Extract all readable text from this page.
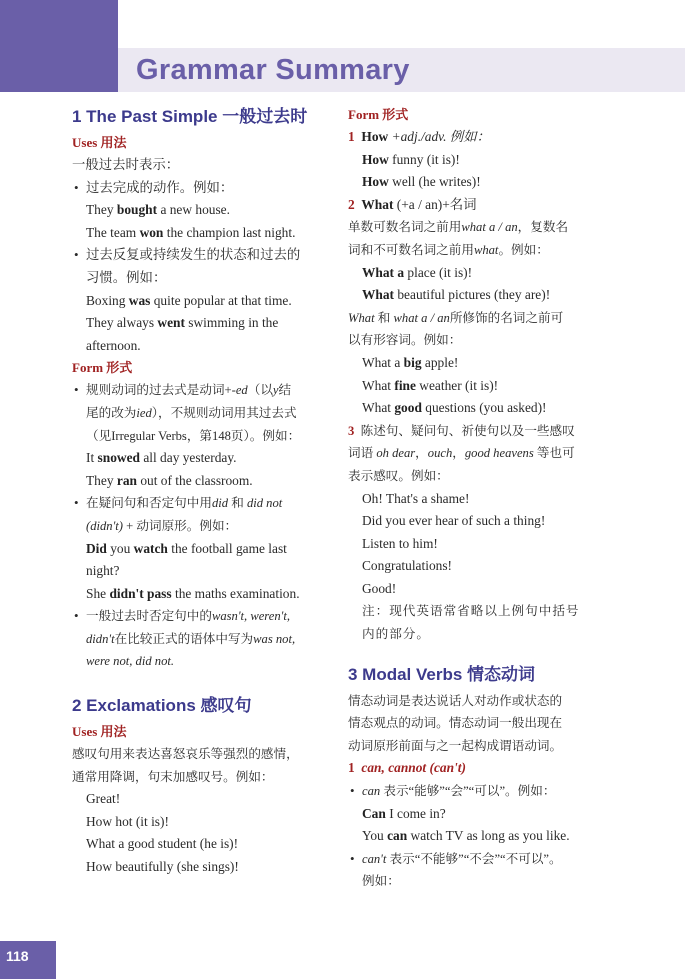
Grammar Summary
1 The Past Simple 一般过去时
Uses 用法
一般过去时表示：
• 过去完成的动作。例如：
They bought a new house.
The team won the champion last night.
• 过去反复或持续发生的状态和过去的
习惯。例如：
Boxing was quite popular at that time.
They always went swimming in the
afternoon.
Form 形式
• 规则动词的过去式是动词+-ed（以y结
尾的改为ied），不规则动词用其过去式
（见Irregular Verbs，第148页）。例如：
It snowed all day yesterday.
They ran out of the classroom.
• 在疑问句和否定句中用did 和 did not
(didn't) + 动词原形。例如：
Did you watch the football game last
night?
She didn't pass the maths examination.
• 一般过去时否定句中的wasn't, weren't,
didn't在比较正式的语体中写为was not,
were not, did not.
2 Exclamations 感叹句
Uses 用法
感叹句用来表达喜怒哀乐等强烈的感情，
通常用降调，句末加感叹号。例如：
Great!
How hot (it is)!
What a good student (he is)!
How beautifully (she sings)!
Form 形式
1 How +adj./adv. 例如：
How funny (it is)!
How well (he writes)!
2 What (+a / an)+名词
单数可数名词之前用what a / an，复数名
词和不可数名词之前用what。例如：
What a place (it is)!
What beautiful pictures (they are)!
What 和 what a / an所修饰的名词之前可
以有形容词。例如：
What a big apple!
What fine weather (it is)!
What good questions (you asked)!
3 陈述句、疑问句、祈使句以及一些感叹
词语 oh dear，ouch，good heavens 等也可
表示感叹。例如：
Oh! That's a shame!
Did you ever hear of such a thing!
Listen to him!
Congratulations!
Good!
注：现代英语常省略以上例句中括号
内的部分。
3 Modal Verbs 情态动词
情态动词是表达说话人对动作或状态的
情态观点的动词。情态动词一般出现在
动词原形前面与之一起构成谓语动词。
1 can, cannot (can't)
• can 表示“能够”“会”“可以”。例如：
Can I come in?
You can watch TV as long as you like.
• can't 表示“不能够”“不会”“不可以”。
例如：
118
